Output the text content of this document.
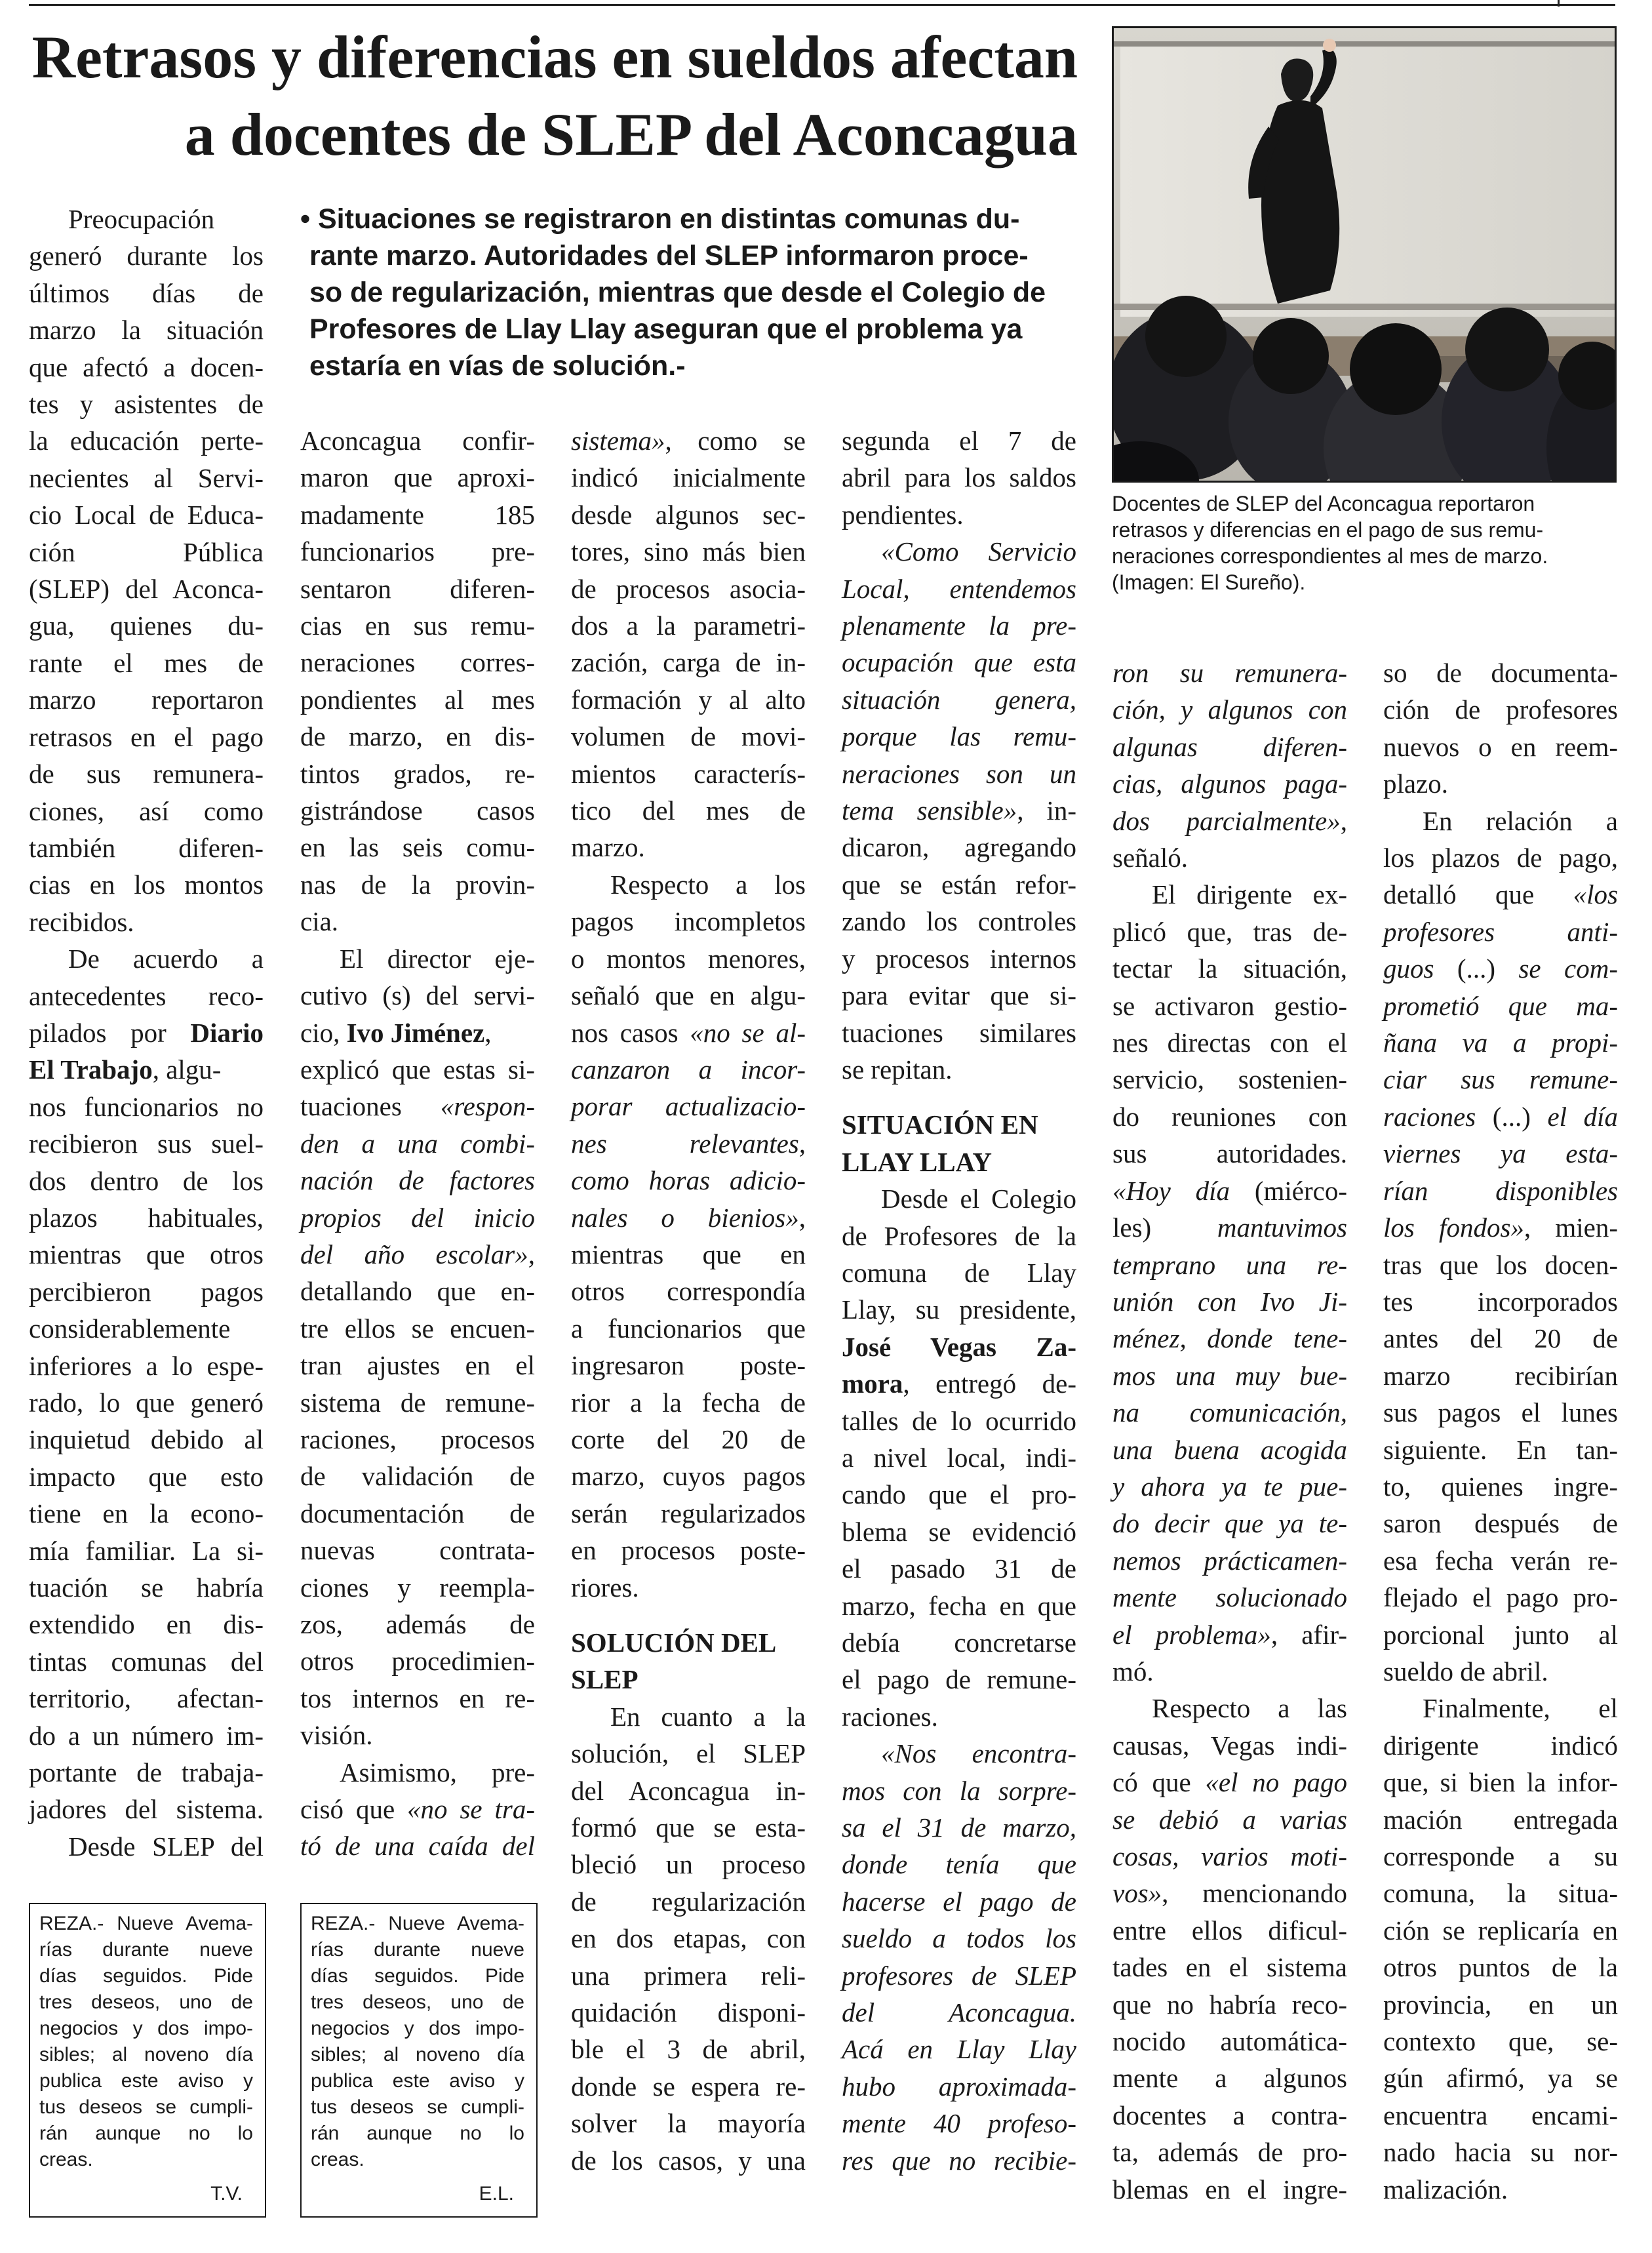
Retrasos y diferencias en sueldos afectan
a docentes de SLEP del Aconcagua
• Situaciones se registraron en distintas comunas du-
rante marzo. Autoridades del SLEP informaron proce-
so de regularización, mientras que desde el Colegio de
Profesores de Llay Llay aseguran que el problema ya
estaría en vías de solución.-
Docentes de SLEP del Aconcagua reportaron
retrasos y diferencias en el pago de sus remu-
neraciones correspondientes al mes de marzo.
(Imagen: El Sureño).
Preocupación
generó durante los
últimos días de
marzo la situación
que afectó a docen-
tes y asistentes de
la educación perte-
necientes al Servi-
cio Local de Educa-
ción Pública
(SLEP) del Aconca-
gua, quienes du-
rante el mes de
marzo reportaron
retrasos en el pago
de sus remunera-
ciones, así como
también diferen-
cias en los montos
recibidos.
De acuerdo a
antecedentes reco-
pilados por Diario
El Trabajo, algu-
nos funcionarios no
recibieron sus suel-
dos dentro de los
plazos habituales,
mientras que otros
percibieron pagos
considerablemente
inferiores a lo espe-
rado, lo que generó
inquietud debido al
impacto que esto
tiene en la econo-
mía familiar. La si-
tuación se habría
extendido en dis-
tintas comunas del
territorio, afectan-
do a un número im-
portante de trabaja-
jadores del sistema.
Desde SLEP del
Aconcagua confir-
maron que aproxi-
madamente 185
funcionarios pre-
sentaron diferen-
cias en sus remu-
neraciones corres-
pondientes al mes
de marzo, en dis-
tintos grados, re-
gistrándose casos
en las seis comu-
nas de la provin-
cia.
El director eje-
cutivo (s) del servi-
cio, Ivo Jiménez,
explicó que estas si-
tuaciones «respon-
den a una combi-
nación de factores
propios del inicio
del año escolar»,
detallando que en-
tre ellos se encuen-
tran ajustes en el
sistema de remune-
raciones, procesos
de validación de
documentación de
nuevas contrata-
ciones y reempla-
zos, además de
otros procedimien-
tos internos en re-
visión.
Asimismo, pre-
cisó que «no se tra-
tó de una caída del
sistema», como se
indicó inicialmente
desde algunos sec-
tores, sino más bien
de procesos asocia-
dos a la parametri-
zación, carga de in-
formación y al alto
volumen de movi-
mientos caracterís-
tico del mes de
marzo.
Respecto a los
pagos incompletos
o montos menores,
señaló que en algu-
nos casos «no se al-
canzaron a incor-
porar actualizacio-
nes relevantes,
como horas adicio-
nales o bienios»,
mientras que en
otros correspondía
a funcionarios que
ingresaron poste-
rior a la fecha de
corte del 20 de
marzo, cuyos pagos
serán regularizados
en procesos poste-
riores.
SOLUCIÓN DEL
SLEP
En cuanto a la
solución, el SLEP
del Aconcagua in-
formó que se esta-
bleció un proceso
de regularización
en dos etapas, con
una primera reli-
quidación disponi-
ble el 3 de abril,
donde se espera re-
solver la mayoría
de los casos, y una
segunda el 7 de
abril para los saldos
pendientes.
«Como Servicio
Local, entendemos
plenamente la pre-
ocupación que esta
situación genera,
porque las remu-
neraciones son un
tema sensible», in-
dicaron, agregando
que se están refor-
zando los controles
y procesos internos
para evitar que si-
tuaciones similares
se repitan.
SITUACIÓN EN
LLAY LLAY
Desde el Colegio
de Profesores de la
comuna de Llay
Llay, su presidente,
José Vegas Za-
mora, entregó de-
talles de lo ocurrido
a nivel local, indi-
cando que el pro-
blema se evidenció
el pasado 31 de
marzo, fecha en que
debía concretarse
el pago de remune-
raciones.
«Nos encontra-
mos con la sorpre-
sa el 31 de marzo,
donde tenía que
hacerse el pago de
sueldo a todos los
profesores de SLEP
del Aconcagua.
Acá en Llay Llay
hubo aproximada-
mente 40 profeso-
res que no recibie-
ron su remunera-
ción, y algunos con
algunas diferen-
cias, algunos paga-
dos parcialmente»,
señaló.
El dirigente ex-
plicó que, tras de-
tectar la situación,
se activaron gestio-
nes directas con el
servicio, sostenien-
do reuniones con
sus autoridades.
«Hoy día (miérco-
les) mantuvimos
temprano una re-
unión con Ivo Ji-
ménez, donde tene-
mos una muy bue-
na comunicación,
una buena acogida
y ahora ya te pue-
do decir que ya te-
nemos prácticamen-
mente solucionado
el problema», afir-
mó.
Respecto a las
causas, Vegas indi-
có que «el no pago
se debió a varias
cosas, varios moti-
vos», mencionando
entre ellos dificul-
tades en el sistema
que no habría reco-
nocido automática-
mente a algunos
docentes a contra-
ta, además de pro-
blemas en el ingre-
so de documenta-
ción de profesores
nuevos o en reem-
plazo.
En relación a
los plazos de pago,
detalló que «los
profesores anti-
guos (...) se com-
prometió que ma-
ñana va a propi-
ciar sus remune-
raciones (...) el día
viernes ya esta-
rían disponibles
los fondos», mien-
tras que los docen-
tes incorporados
antes del 20 de
marzo recibirían
sus pagos el lunes
siguiente. En tan-
to, quienes ingre-
saron después de
esa fecha verán re-
flejado el pago pro-
porcional junto al
sueldo de abril.
Finalmente, el
dirigente indicó
que, si bien la infor-
mación entregada
corresponde a su
comuna, la situa-
ción se replicaría en
otros puntos de la
provincia, en un
contexto que, se-
gún afirmó, ya se
encuentra encami-
nado hacia su nor-
malización.
REZA.- Nueve Avema-
rías durante nueve
días seguidos. Pide
tres deseos, uno de
negocios y dos impo-
sibles; al noveno día
publica este aviso y
tus deseos se cumpli-
rán aunque no lo
creas.
T.V.
REZA.- Nueve Avema-
rías durante nueve
días seguidos. Pide
tres deseos, uno de
negocios y dos impo-
sibles; al noveno día
publica este aviso y
tus deseos se cumpli-
rán aunque no lo
creas.
E.L.
